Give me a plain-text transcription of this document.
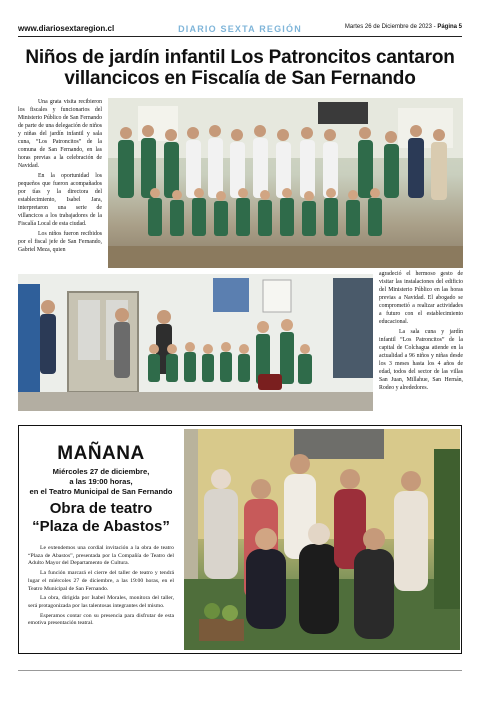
www.diariosextaregion.cl	DIARIO SEXTA REGIÓN	Martes 26 de Diciembre de 2023 - Página 5
Niños de jardín infantil Los Patroncitos cantaron
villancicos en Fiscalía de San Fernando

Una grata visita recibieron los fiscales y funcionarios del Ministerio Público de San Fernando de parte de una delegación de niños y niñas del jardín infantil y sala cuna, “Los Patroncitos” de la comuna de San Fernando, en las horas previas a la celebración de Navidad.

En la oportunidad los pequeños que fueron acompañados por tías y la directora del establecimiento, Isabel Jara, interpretaron una serie de villancicos a los trabajadores de la Fiscalía Local de esta ciudad.

Los niños fueron recibidos por el fiscal jefe de San Fernando, Gabriel Meza, quien

agradeció el hermoso gesto de visitar las instalaciones del edificio del Ministerio Público en las horas previas a Navidad. El abogado se comprometió a realizar actividades a futuro con el establecimiento educacional.

La sala cuna y jardín infantil “Los Patroncitos” de la capital de Colchagua atiende en la actualidad a 96 niños y niñas desde los 3 meses hasta los 4 años de edad, todos del sector de las villas San Juan, Millahue, San Hernán, Rodeo y alrededores.

MAÑANA
Miércoles 27 de diciembre,
a las 19:00 horas,
en el Teatro Municipal de San Fernando
Obra de teatro
“Plaza de Abastos”

Le extendemos una cordial invitación a la obra de teatro “Plaza de Abastos”, presentada por la Compañía de Teatro del Adulto Mayor del Departamento de Cultura.

La función marcará el cierre del taller de teatro y tendrá lugar el miércoles 27 de diciembre, a las 19:00 horas, en el Teatro Municipal de San Fernando.

La obra, dirigida por Isabel Morales, monitora del taller, será protagonizada por las talentosas integrantes del mismo.

Esperamos contar con su presencia para disfrutar de esta emotiva presentación teatral.
